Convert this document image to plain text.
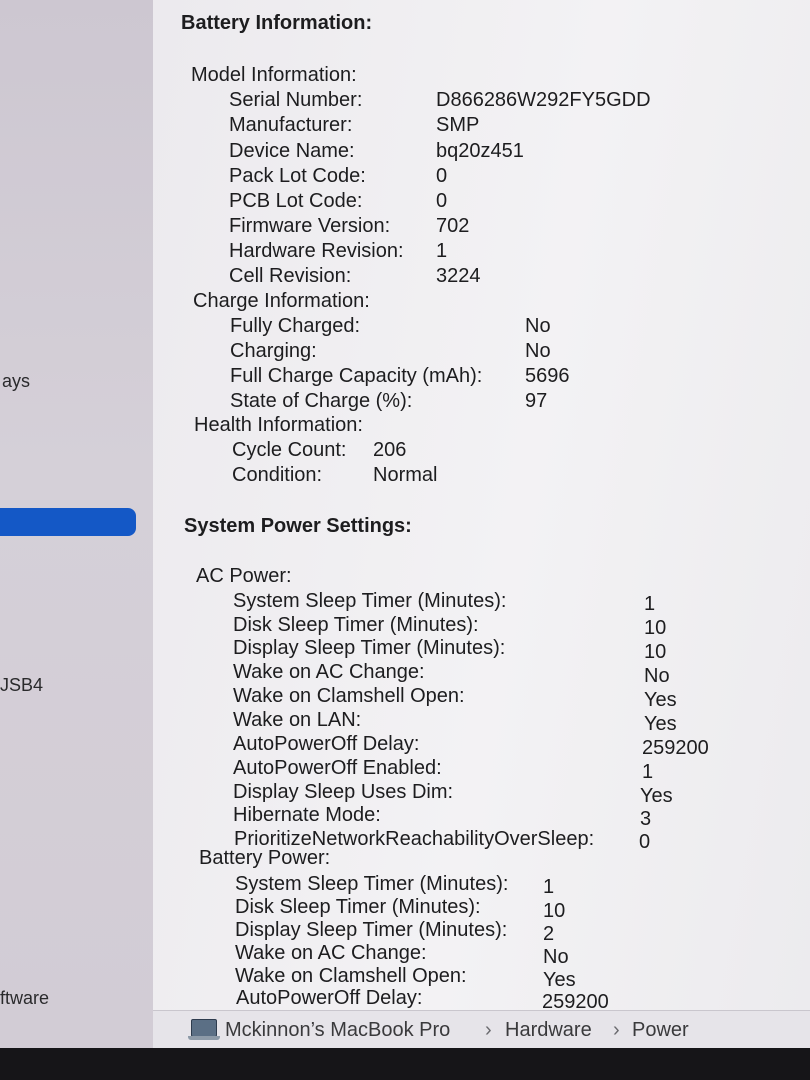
ays
JSB4
ftware
Battery Information:
Model Information:
Serial Number:	D866286W292FY5GDD
Manufacturer:	SMP
Device Name:	bq20z451
Pack Lot Code:	0
PCB Lot Code:	0
Firmware Version: 702
Hardware Revision: 1
Cell Revision:	3224
Charge Information:
Fully Charged:	No
Charging:	No
Full Charge Capacity (mAh): 5696
State of Charge (%):	97
Health Information:
Cycle Count: 206
Condition:	Normal
System Power Settings:
AC Power:
System Sleep Timer (Minutes):	1
Disk Sleep Timer (Minutes):	10
Display Sleep Timer (Minutes):	10
Wake on AC Change:	No
Wake on Clamshell Open:	Yes
Wake on LAN:	Yes
AutoPowerOff Delay:	259200
AutoPowerOff Enabled:	1
Display Sleep Uses Dim:	Yes
Hibernate Mode:	3
PrioritizeNetworkReachabilityOverSleep: 0
Battery Power:
System Sleep Timer (Minutes): 1
Disk Sleep Timer (Minutes):	10
Display Sleep Timer (Minutes): 2
Wake on AC Change:	No
Wake on Clamshell Open:	Yes
AutoPowerOff Delay:	259200
Mckinnon’s MacBook Pro › Hardware › Power
